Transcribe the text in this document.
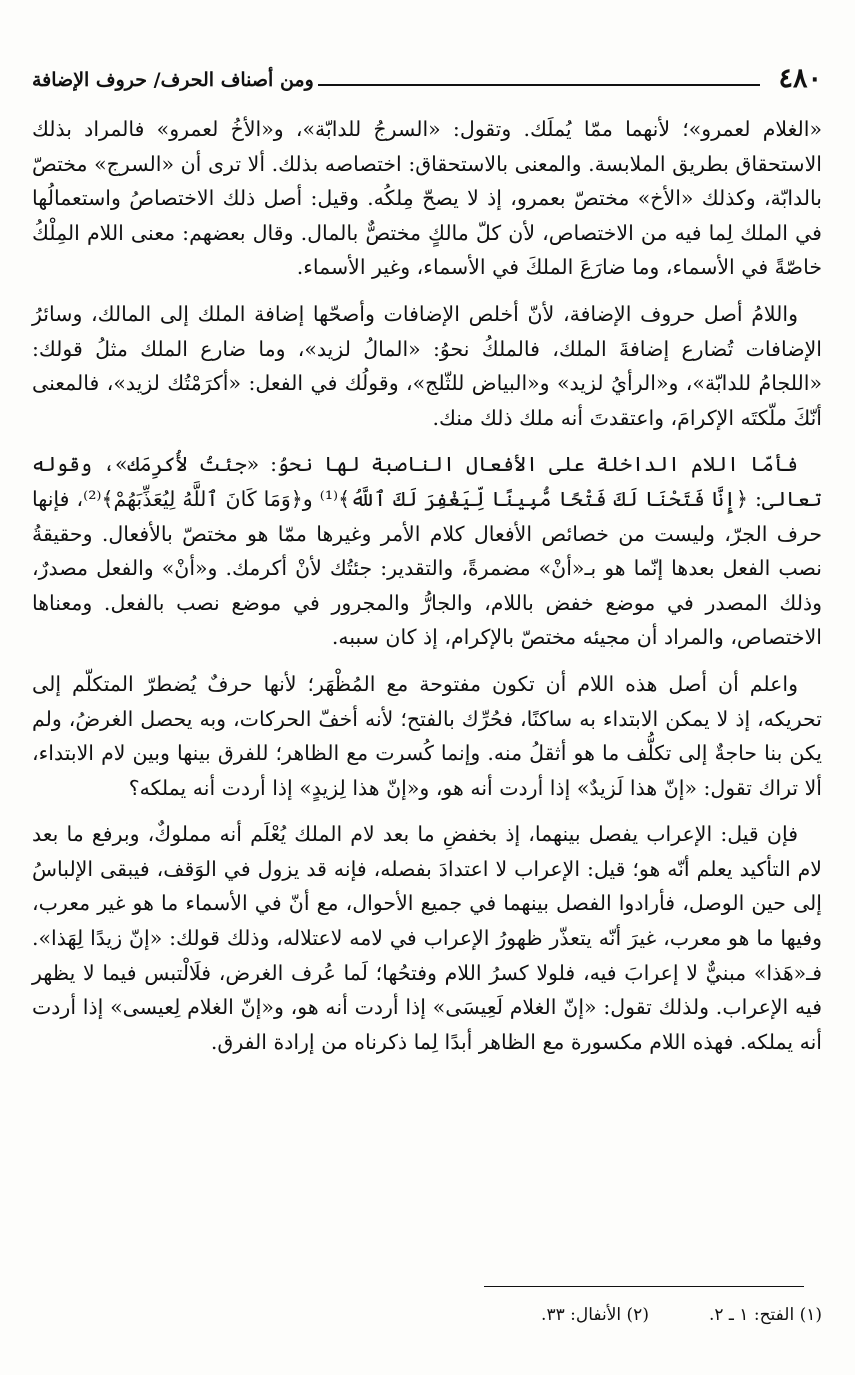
٤٨٠
ومن أصناف الحرف/ حروف الإضافة

«الغلام لعمرو»؛ لأنهما ممّا يُملَك. وتقول: «السرجُ للدابّة»، و«الأخُ لعمرو» فالمراد بذلك الاستحقاق بطريق الملابسة. والمعنى بالاستحقاق: اختصاصه بذلك. ألا ترى أن «السرج» مختصّ بالدابّة، وكذلك «الأخ» مختصّ بعمرو، إذ لا يصحّ مِلكُه. وقيل: أصل ذلك الاختصاصُ واستعمالُها في الملك لِما فيه من الاختصاص، لأن كلّ مالكٍ مختصٌّ بالمال. وقال بعضهم: معنى اللام المِلْكُ خاصّةً في الأسماء، وما ضارَعَ الملكَ في الأسماء، وغير الأسماء.

واللامُ أصل حروف الإضافة، لأنّ أخلص الإضافات وأصحّها إضافة الملك إلى المالك، وسائرُ الإضافات تُضارع إضافةَ الملك، فالملكُ نحوُ: «المالُ لزيد»، وما ضارع الملك مثلُ قولك: «اللجامُ للدابّة»، و«الرأيُ لزيد» و«البياض للثّلج»، وقولُك في الفعل: «أكرَمْتُك لزيد»، فالمعنى أنّكَ ملّكتَه الإكرامَ، واعتقدتَ أنه ملك ذلك منك.

فأمّا اللام الداخلة على الأفعال الناصبة لها نحوُ: «جئتُ لأُكرِمَك»، وقوله تعالى: ﴿إِنَّا فَتَحْنَا لَكَ فَتْحًا مُّبِينًا لِّيَغْفِرَ لَكَ ٱللَّهُ﴾⁽¹⁾ و﴿وَمَا كَانَ ٱللَّهُ لِيُعَذِّبَهُمْ﴾⁽²⁾، فإنها حرف الجرّ، وليست من خصائص الأفعال كلام الأمر وغيرها ممّا هو مختصّ بالأفعال. وحقيقةُ نصب الفعل بعدها إنّما هو بـ«أنْ» مضمرةً، والتقدير: جئتُك لأنْ أكرمك. و«أنْ» والفعل مصدرٌ، وذلك المصدر في موضع خفض باللام، والجارُّ والمجرور في موضع نصب بالفعل. ومعناها الاختصاص، والمراد أن مجيئه مختصّ بالإكرام، إذ كان سببه.

واعلم أن أصل هذه اللام أن تكون مفتوحة مع المُظْهَر؛ لأنها حرفٌ يُضطرّ المتكلّم إلى تحريكه، إذ لا يمكن الابتداء به ساكنًا، فحُرِّك بالفتح؛ لأنه أخفّ الحركات، وبه يحصل الغرضُ، ولم يكن بنا حاجةٌ إلى تكلُّف ما هو أثقلُ منه. وإنما كُسرت مع الظاهر؛ للفرق بينها وبين لام الابتداء، ألا تراك تقول: «إنّ هذا لَزيدٌ» إذا أردت أنه هو، و«إنّ هذا لِزيدٍ» إذا أردت أنه يملكه؟

فإن قيل: الإعراب يفصل بينهما، إذ بخفضِ ما بعد لام الملك يُعْلَم أنه مملوكٌ، وبرفع ما بعد لام التأكيد يعلم أنّه هو؛ قيل: الإعراب لا اعتدادَ بفصله، فإنه قد يزول في الوَقف، فيبقى الإلباسُ إلى حين الوصل، فأرادوا الفصل بينهما في جميع الأحوال، مع أنّ في الأسماء ما هو غير معرب، وفيها ما هو معرب، غيرَ أنّه يتعذّر ظهورُ الإعراب في لامه لاعتلاله، وذلك قولك: «إنّ زيدًا لِهَذا». فـ«هَذا» مبنيٌّ لا إعرابَ فيه، فلولا كسرُ اللام وفتحُها؛ لَما عُرف الغرض، فلَالْتبس فيما لا يظهر فيه الإعراب. ولذلك تقول: «إنّ الغلام لَعِيسَى» إذا أردت أنه هو، و«إنّ الغلام لِعيسى» إذا أردت أنه يملكه. فهذه اللام مكسورة مع الظاهر أبدًا لِما ذكرناه من إرادة الفرق.

(١) الفتح: ١ ـ ٢.
(٢) الأنفال: ٣٣.
